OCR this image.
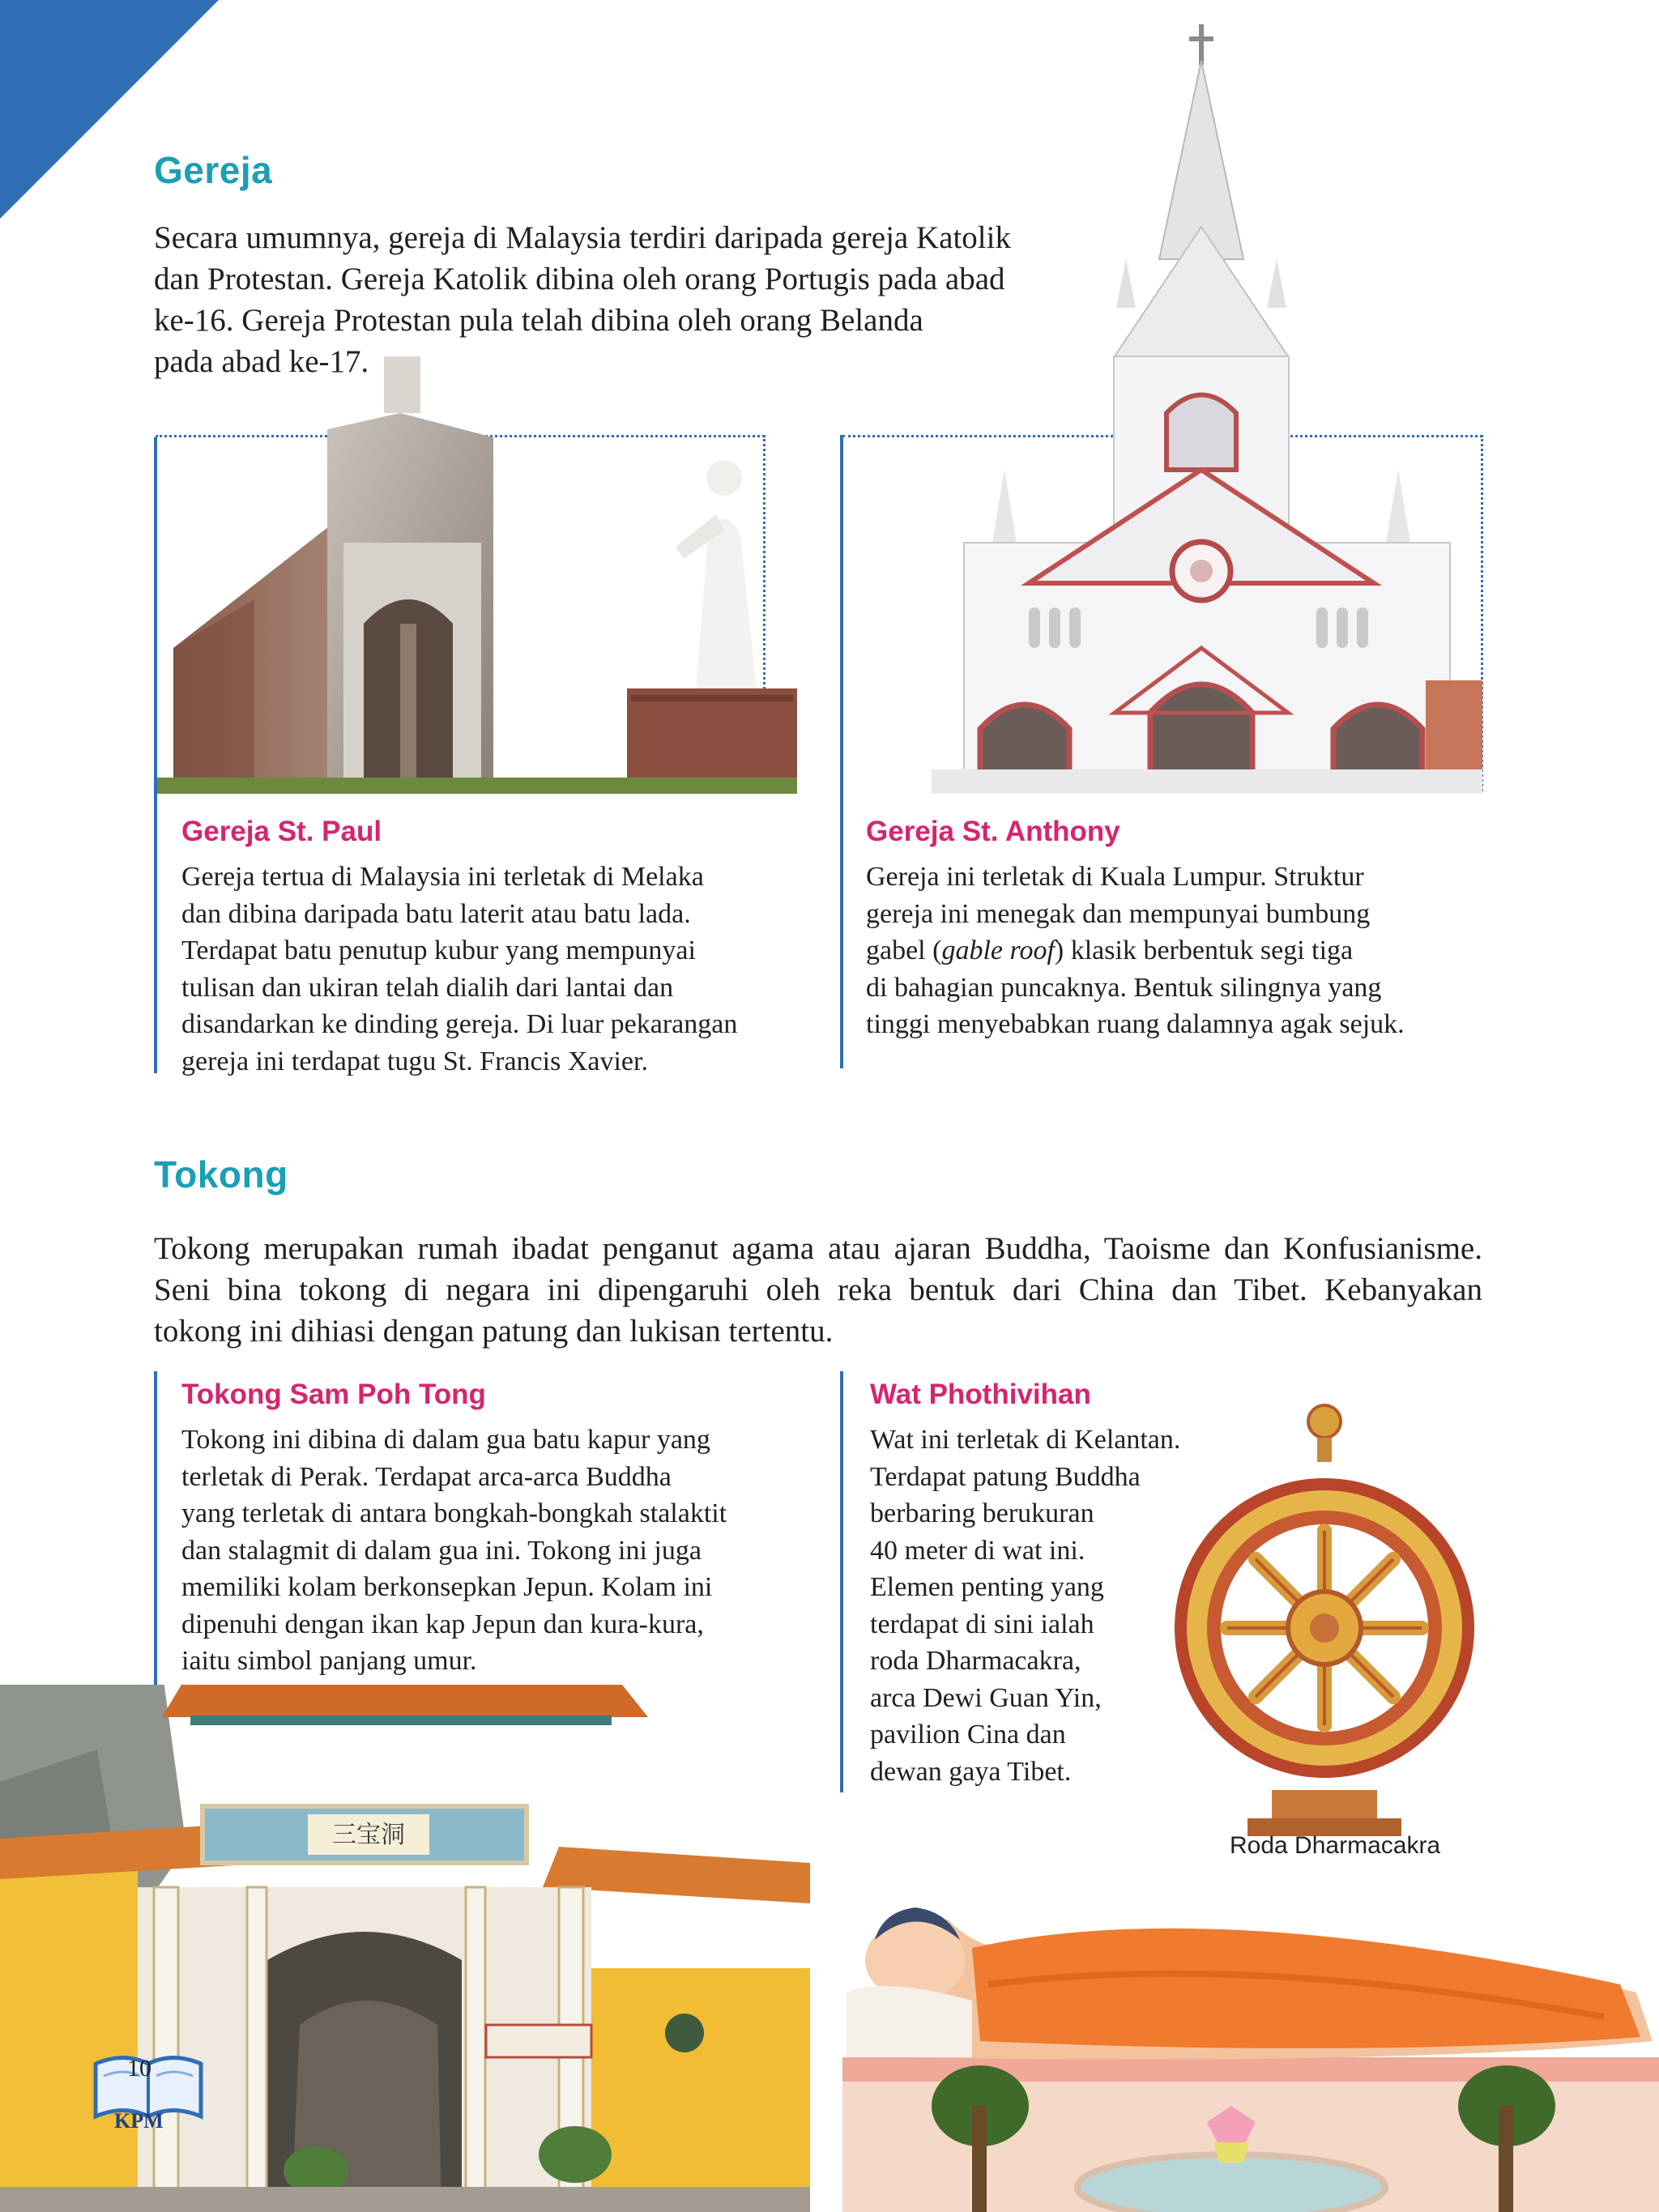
Gereja
Secara umumnya, gereja di Malaysia terdiri daripada gereja Katolik
dan Protestan. Gereja Katolik dibina oleh orang Portugis pada abad
ke-16. Gereja Protestan pula telah dibina oleh orang Belanda
pada abad ke-17.
Gereja St. Paul
Gereja tertua di Malaysia ini terletak di Melaka
dan dibina daripada batu laterit atau batu lada.
Terdapat batu penutup kubur yang mempunyai
tulisan dan ukiran telah dialih dari lantai dan
disandarkan ke dinding gereja. Di luar pekarangan
gereja ini terdapat tugu St. Francis Xavier.
Gereja St. Anthony
Gereja ini terletak di Kuala Lumpur. Struktur
gereja ini menegak dan mempunyai bumbung
gabel (gable roof) klasik berbentuk segi tiga
di bahagian puncaknya. Bentuk silingnya yang
tinggi menyebabkan ruang dalamnya agak sejuk.
Tokong
Tokong merupakan rumah ibadat penganut agama atau ajaran Buddha, Taoisme dan Konfusianisme.
Seni bina tokong di negara ini dipengaruhi oleh reka bentuk dari China dan Tibet. Kebanyakan
tokong ini dihiasi dengan patung dan lukisan tertentu.
Tokong Sam Poh Tong
Tokong ini dibina di dalam gua batu kapur yang
terletak di Perak. Terdapat arca-arca Buddha
yang terletak di antara bongkah-bongkah stalaktit
dan stalagmit di dalam gua ini. Tokong ini juga
memiliki kolam berkonsepkan Jepun. Kolam ini
dipenuhi dengan ikan kap Jepun dan kura-kura,
iaitu simbol panjang umur.
三宝洞
Wat Phothivihan
Wat ini terletak di Kelantan.
Terdapat patung Buddha
berbaring berukuran
40 meter di wat ini.
Elemen penting yang
terdapat di sini ialah
roda Dharmacakra,
arca Dewi Guan Yin,
pavilion Cina dan
dewan gaya Tibet.
Roda Dharmacakra
10
KPM
